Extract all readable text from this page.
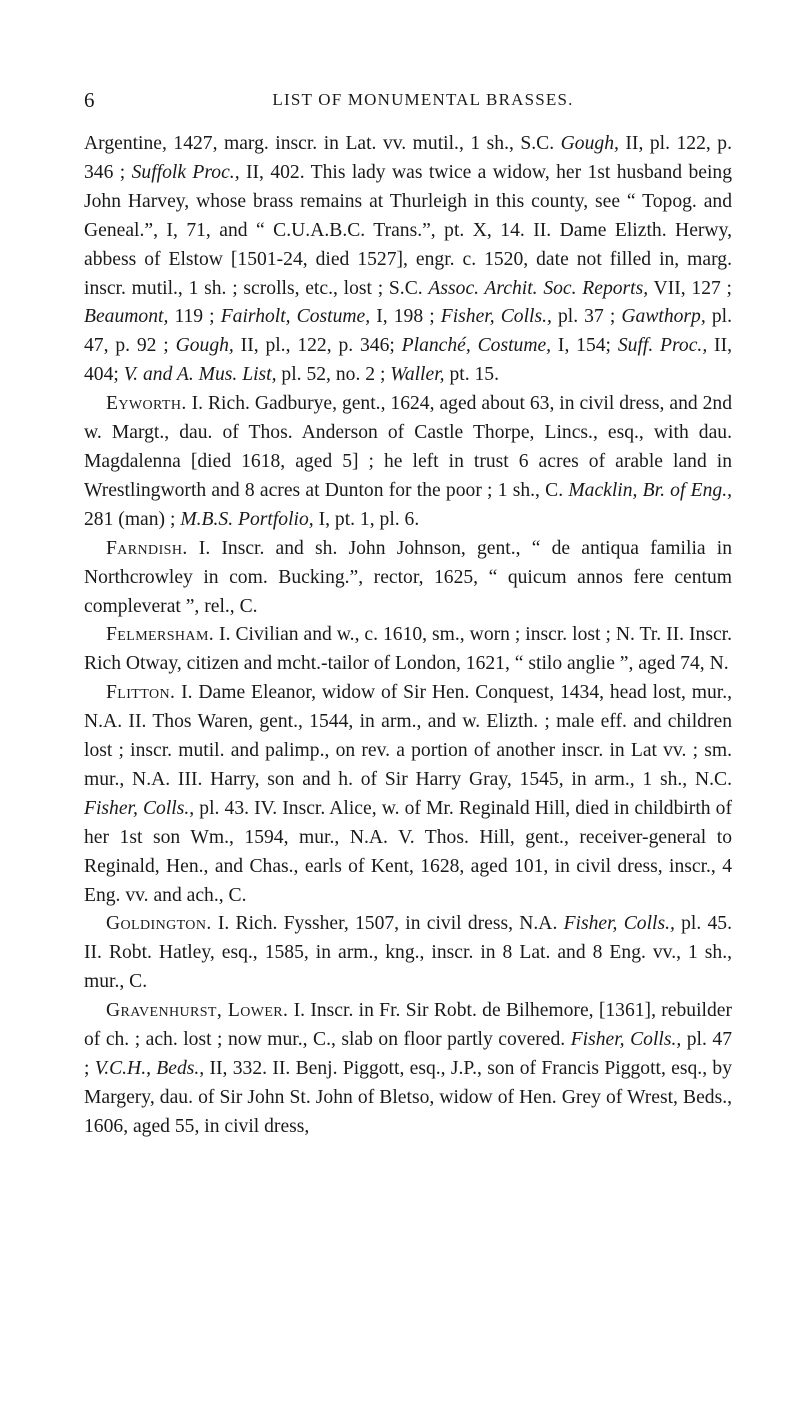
6	LIST OF MONUMENTAL BRASSES.

Argentine, 1427, marg. inscr. in Lat. vv. mutil., 1 sh., S.C. Gough, II, pl. 122, p. 346 ; Suffolk Proc., II, 402. This lady was twice a widow, her 1st husband being John Harvey, whose brass remains at Thurleigh in this county, see “ Topog. and Geneal.”, I, 71, and “ C.U.A.B.C. Trans.”, pt. X, 14. II. Dame Elizth. Herwy, abbess of Elstow [1501-24, died 1527], engr. c. 1520, date not filled in, marg. inscr. mutil., 1 sh. ; scrolls, etc., lost ; S.C. Assoc. Archit. Soc. Reports, VII, 127 ; Beaumont, 119 ; Fairholt, Costume, I, 198 ; Fisher, Colls., pl. 37 ; Gawthorp, pl. 47, p. 92 ; Gough, II, pl., 122, p. 346; Planché, Costume, I, 154; Suff. Proc., II, 404; V. and A. Mus. List, pl. 52, no. 2 ; Waller, pt. 15.

Eyworth. I. Rich. Gadburye, gent., 1624, aged about 63, in civil dress, and 2nd w. Margt., dau. of Thos. Anderson of Castle Thorpe, Lincs., esq., with dau. Magdalenna [died 1618, aged 5] ; he left in trust 6 acres of arable land in Wrestlingworth and 8 acres at Dunton for the poor ; 1 sh., C. Macklin, Br. of Eng., 281 (man) ; M.B.S. Portfolio, I, pt. 1, pl. 6.

Farndish. I. Inscr. and sh. John Johnson, gent., “ de antiqua familia in Northcrowley in com. Bucking.”, rector, 1625, “ quicum annos fere centum compleverat ”, rel., C.

Felmersham. I. Civilian and w., c. 1610, sm., worn ; inscr. lost ; N. Tr. II. Inscr. Rich Otway, citizen and mcht.-tailor of London, 1621, “ stilo anglie ”, aged 74, N.

Flitton. I. Dame Eleanor, widow of Sir Hen. Conquest, 1434, head lost, mur., N.A. II. Thos Waren, gent., 1544, in arm., and w. Elizth. ; male eff. and children lost ; inscr. mutil. and palimp., on rev. a portion of another inscr. in Lat vv. ; sm. mur., N.A. III. Harry, son and h. of Sir Harry Gray, 1545, in arm., 1 sh., N.C. Fisher, Colls., pl. 43. IV. Inscr. Alice, w. of Mr. Reginald Hill, died in childbirth of her 1st son Wm., 1594, mur., N.A. V. Thos. Hill, gent., receiver-general to Reginald, Hen., and Chas., earls of Kent, 1628, aged 101, in civil dress, inscr., 4 Eng. vv. and ach., C.

Goldington. I. Rich. Fyssher, 1507, in civil dress, N.A. Fisher, Colls., pl. 45. II. Robt. Hatley, esq., 1585, in arm., kng., inscr. in 8 Lat. and 8 Eng. vv., 1 sh., mur., C.

Gravenhurst, Lower. I. Inscr. in Fr. Sir Robt. de Bilhemore, [1361], rebuilder of ch. ; ach. lost ; now mur., C., slab on floor partly covered. Fisher, Colls., pl. 47 ; V.C.H., Beds., II, 332. II. Benj. Piggott, esq., J.P., son of Francis Piggott, esq., by Margery, dau. of Sir John St. John of Bletso, widow of Hen. Grey of Wrest, Beds., 1606, aged 55, in civil dress,
